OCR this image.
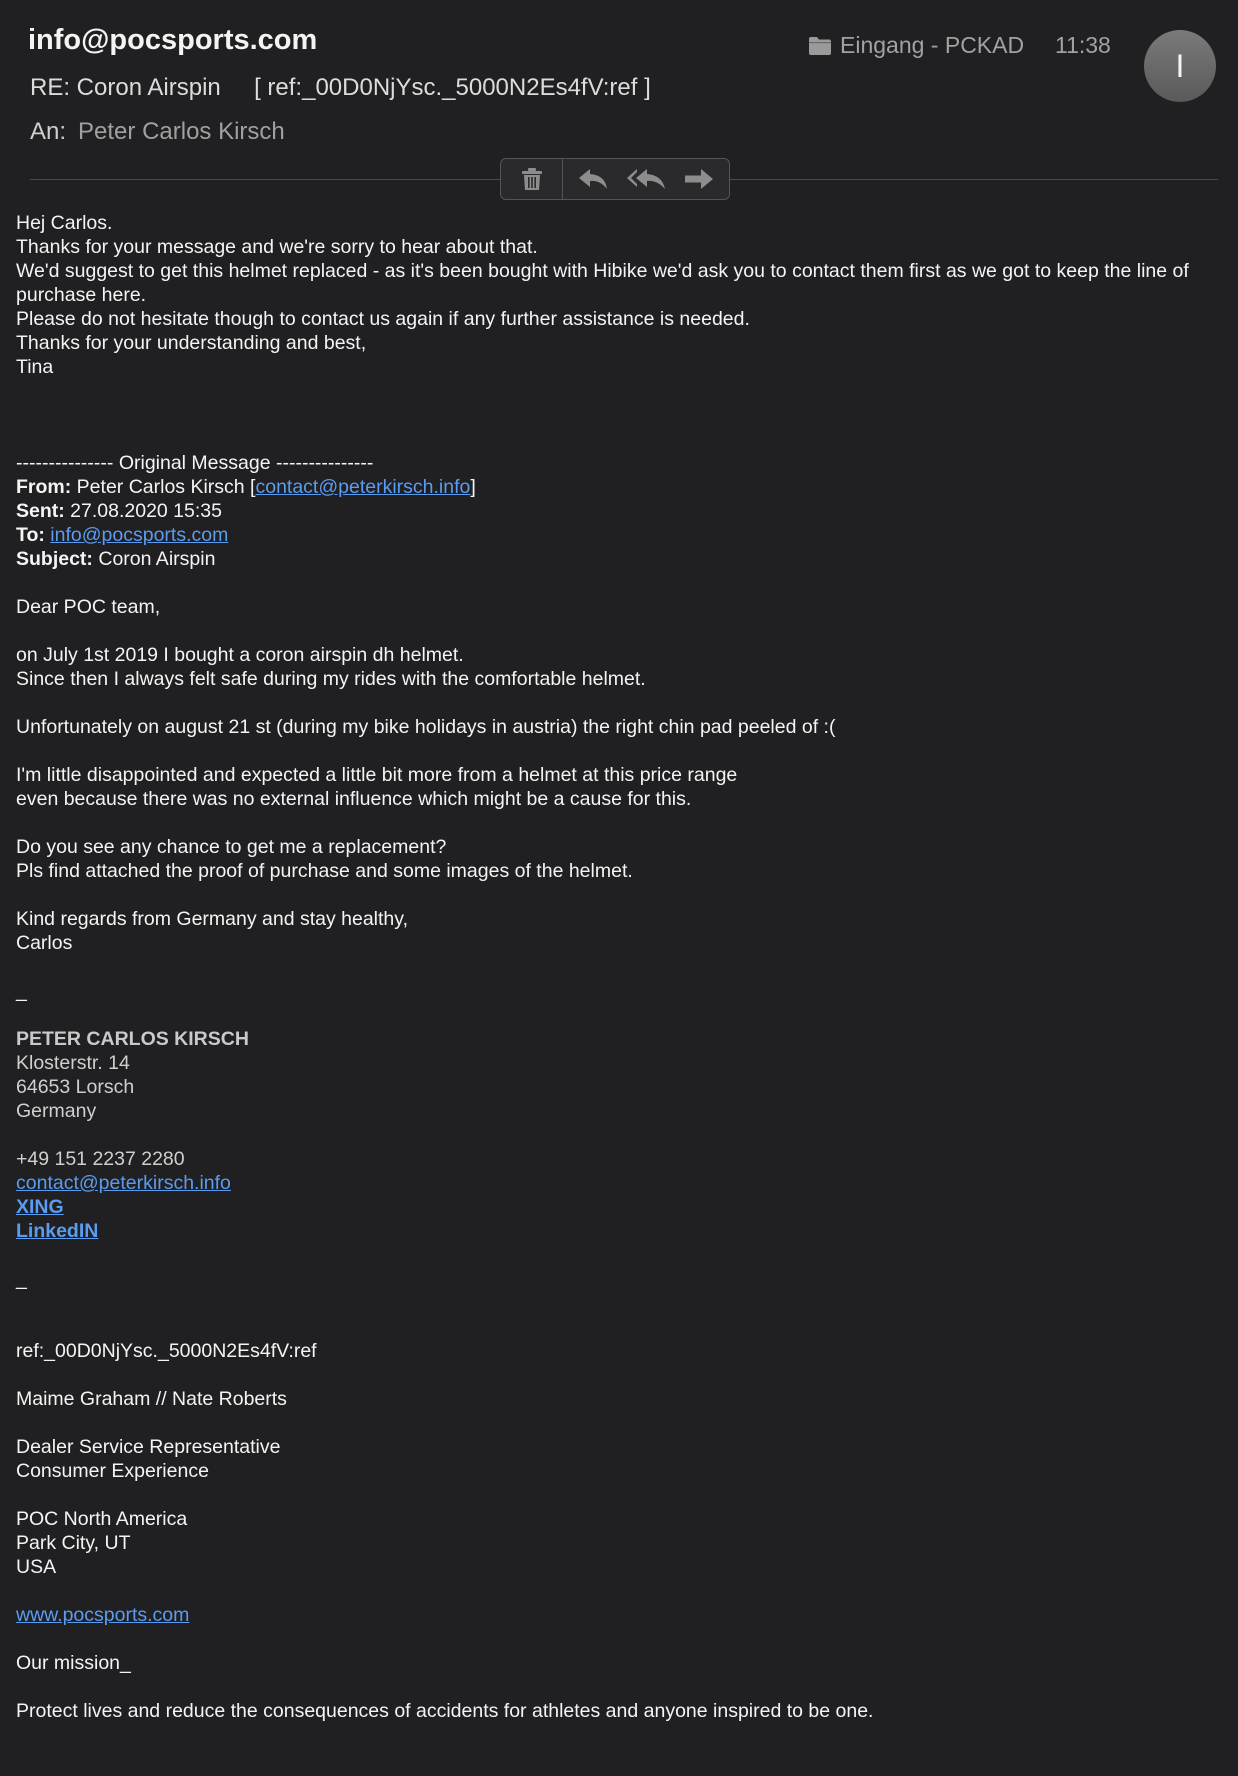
info@pocsports.com
RE: Coron Airspin     [ ref:_00D0NjYsc._5000N2Es4fV:ref ]
An: Peter Carlos Kirsch
Eingang - PCKAD 11:38
I

Hej Carlos.

Thanks for your message and we're sorry to hear about that.

We'd suggest to get this helmet replaced - as it's been bought with Hibike we'd ask you to contact them first as we got to keep the line of purchase here.

Please do not hesitate though to contact us again if any further assistance is needed.

Thanks for your understanding and best,

Tina

--------------- Original Message ---------------

From: Peter Carlos Kirsch [contact@peterkirsch.info]

Sent: 27.08.2020 15:35

To: info@pocsports.com

Subject: Coron Airspin

Dear POC team,

on July 1st 2019 I bought a coron airspin dh helmet.

Since then I always felt safe during my rides with the comfortable helmet.

Unfortunately on august 21 st (during my bike holidays in austria) the right chin pad peeled of :(

I'm little disappointed and expected a little bit more from a helmet at this price range

even because there was no external influence which might be a cause for this.

Do you see any chance to get me a replacement?

Pls find attached the proof of purchase and some images of the helmet.

Kind regards from Germany and stay healthy,

Carlos

_

PETER CARLOS KIRSCH

Klosterstr. 14

64653 Lorsch

Germany

+49 151 2237 2280

contact@peterkirsch.info

XING

LinkedIN

_

ref:_00D0NjYsc._5000N2Es4fV:ref

Maime Graham // Nate Roberts

Dealer Service Representative

Consumer Experience

POC North America

Park City, UT

USA

www.pocsports.com

Our mission_

Protect lives and reduce the consequences of accidents for athletes and anyone inspired to be one.
